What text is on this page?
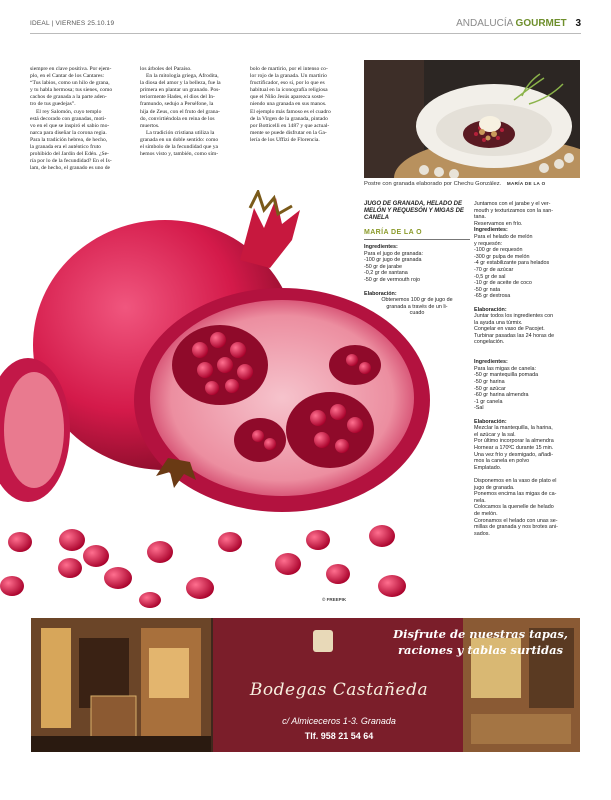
IDEAL | VIERNES 25.10.19	ANDALUCÍA GOURMET 3
siempre en clave positiva. Por ejem-
plo, en el Cantar de los Cantares:
“Tus labios, como un hilo de grana,
y tu habla hermosa; tus sienes, como
cachos de granada a la parte aden-
tro de tus guedejas”.
El rey Salomón, cuyo templo
está decorado con granadas, moti-
vo en el que se inspiró el sabio mo-
narca para diseñar la corona regia.
Para la tradición hebrea, de hecho,
la granada era el auténtico fruto
prohibido del Jardín del Edén. ¿Se-
ría por lo de la fecundidad? En el Is-
lam, de hecho, el granado es uno de
los árboles del Paraíso.
En la mitología griega, Afrodita,
la diosa del amor y la belleza, fue la
primera en plantar un granado. Pos-
teriormente Hades, el dios del In-
framundo, sedujo a Perséfone, la
hija de Zeus, con el fruto del grana-
do, convirtiéndola en reina de los
muertos.
La tradición cristiana utiliza la
granada en un doble sentido: como
el símbolo de la fecundidad que ya
hemos visto y, también, como sím-
bolo de martirio, por el intenso co-
lor rojo de la granada. Un martirio
fructificador, eso sí, por lo que es
habitual en la iconografía religiosa
que el Niño Jesús aparezca soste-
niendo una granada en sus manos.
El ejemplo más famoso es el cuadro
de la Virgen de la granada, pintado
por Botticelli en 1487 y que actual-
mente se puede disfrutar en la Ga-
lería de los Uffizi de Florencia.
Postre con granada elaborado por Chechu González. MARÍA DE LA O
JUGO DE GRANADA, HELADO DE MELÓN Y REQUESÓN Y MIGAS DE CANELA
MARÍA DE LA O
Ingredientes:
Para el jugo de granada:
-100 gr jugo de granada
-50 gr de jarabe
-0,2 gr de xantana
-50 gr de vermouth rojo
Elaboración:
Obtenemos 100 gr de jugo de
granada a través de un li-
cuado
Juntamos con el jarabe y el ver-
mouth y texturizamos con la xan-
tana.
Reservamos en frío.
Ingredientes:
Para el helado de melón
y requesón:
-100 gr de requesón
-300 gr pulpa de melón
-4 gr estabilizante para helados
-70 gr de azúcar
-0,5 gr de sal
-10 gr de aceite de coco
-50 gr nata
-65 gr dextrosa
Elaboración:
Juntar todos los ingredientes con
la ayuda una túrmix.
Congelar en vaso de Pacojet.
Turbinar pasadas las 24 horas de
congelación.
Ingredientes:
Para las migas de canela:
-50 gr mantequilla pomada
-50 gr harina
-50 gr azúcar
-60 gr harina almendra
-1 gr canela
-Sal
Elaboración:
Mezclar la mantequilla, la harina,
el azúcar y la sal.
Por último incorporar la almendra
Hornear a 170ºC durante 15 min.
Una vez frío y desmigado, añadi-
mos la canela en polvo
Emplatado.
Disponemos en la vaso de plato el
jugo de granada.
Ponemos encima las migas de ca-
nela.
Colocamos la quenelle de helado
de melón.
Coronamos el helado con unas se-
millas de granada y nos brotes ani-
sados.
© FREEPIK
Disfrute de nuestras tapas,
raciones y tablas surtidas
Bodegas Castañeda
c/ Almiceceros 1-3. Granada
Tlf. 958 21 54 64
